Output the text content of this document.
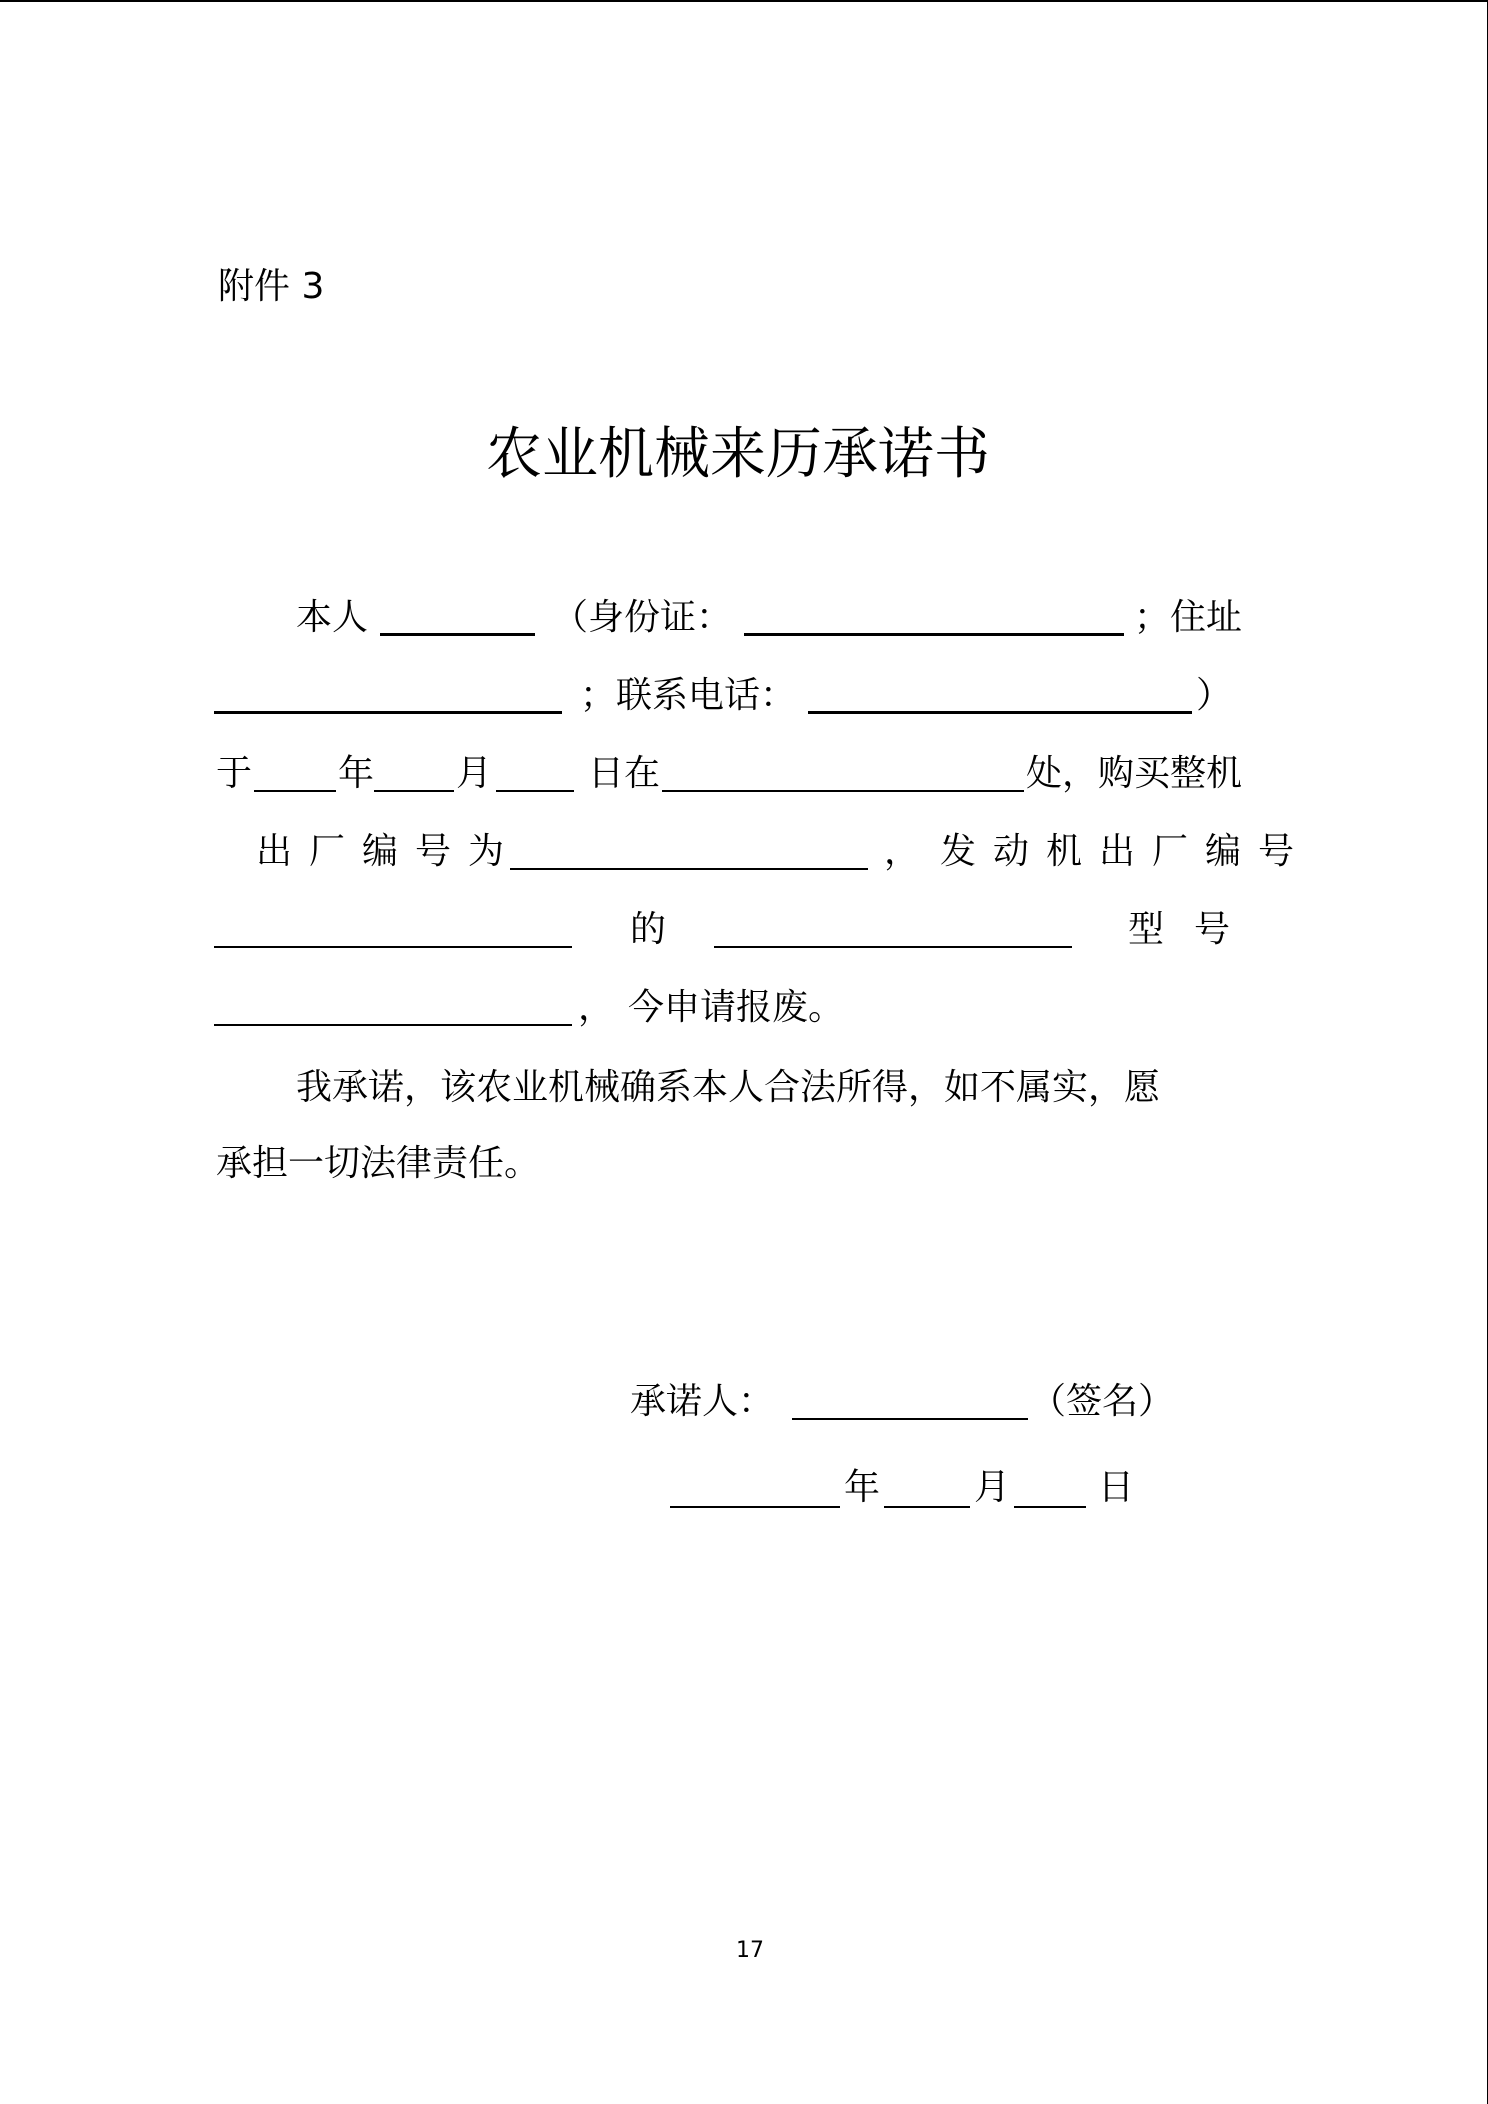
附件 3
农业机械来历承诺书
本人	（身份证：	；住址
；联系电话：	）
于 年 月	日在	处，购买整机
出厂编号为	， 发动机出厂编号
的	型 号
， 今申请报废。
我承诺，该农业机械确系本人合法所得，如不属实，愿
承担一切法律责任。
承诺人：	（签名）
年	月 日
17
